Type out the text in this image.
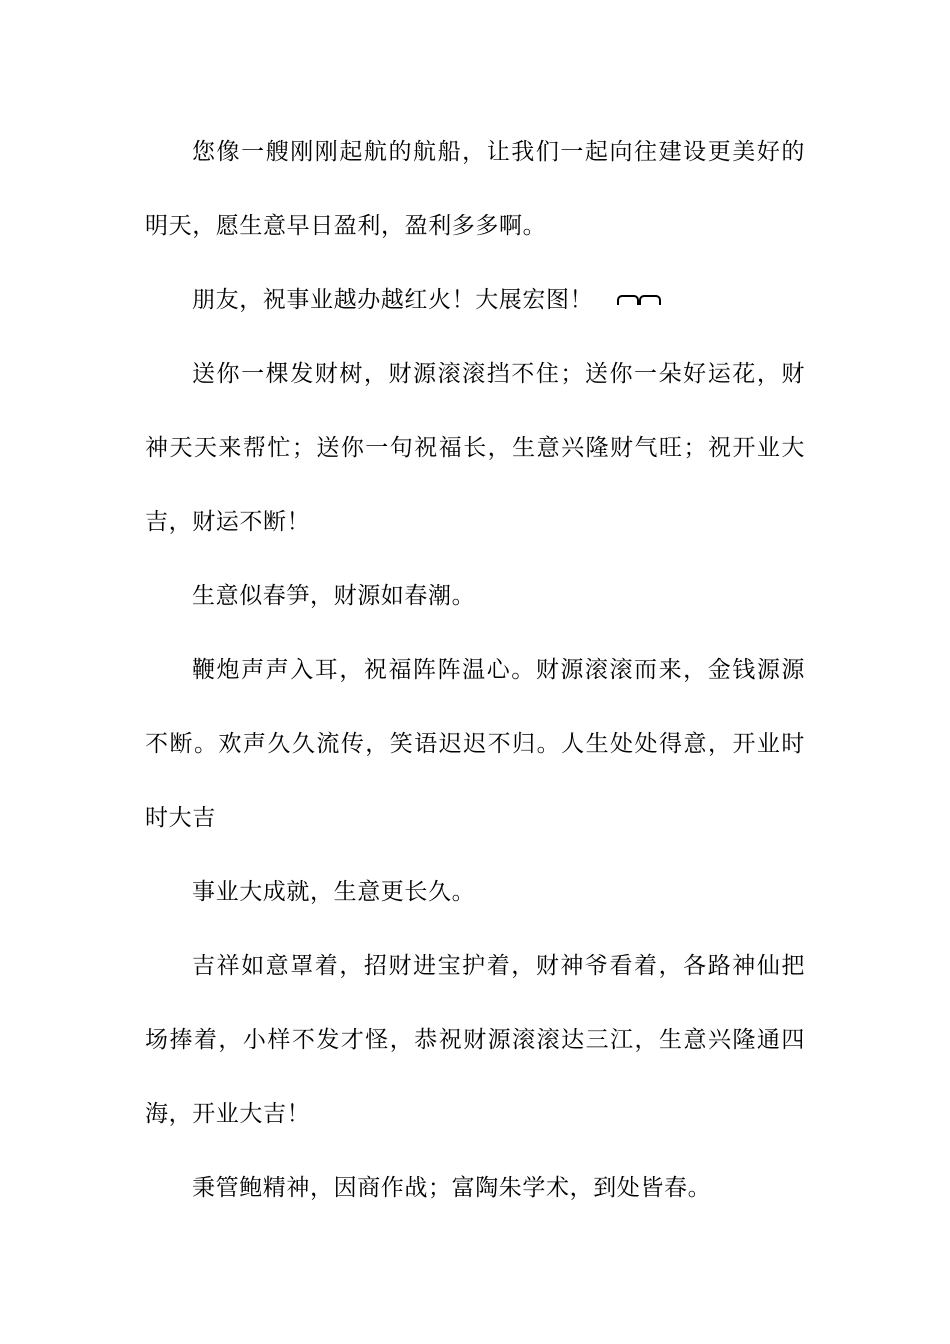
您像一艘刚刚起航的航船，让我们一起向往建设更美好的明天，愿生意早日盈利，盈利多多啊。

朋友，祝事业越办越红火！大展宏图！

送你一棵发财树，财源滚滚挡不住；送你一朵好运花，财神天天来帮忙；送你一句祝福长，生意兴隆财气旺；祝开业大吉，财运不断！

生意似春笋，财源如春潮。

鞭炮声声入耳，祝福阵阵温心。财源滚滚而来，金钱源源不断。欢声久久流传，笑语迟迟不归。人生处处得意，开业时时大吉

事业大成就，生意更长久。

吉祥如意罩着，招财进宝护着，财神爷看着，各路神仙把场捧着，小样不发才怪，恭祝财源滚滚达三江，生意兴隆通四海，开业大吉！

秉管鲍精神，因商作战；富陶朱学术，到处皆春。
